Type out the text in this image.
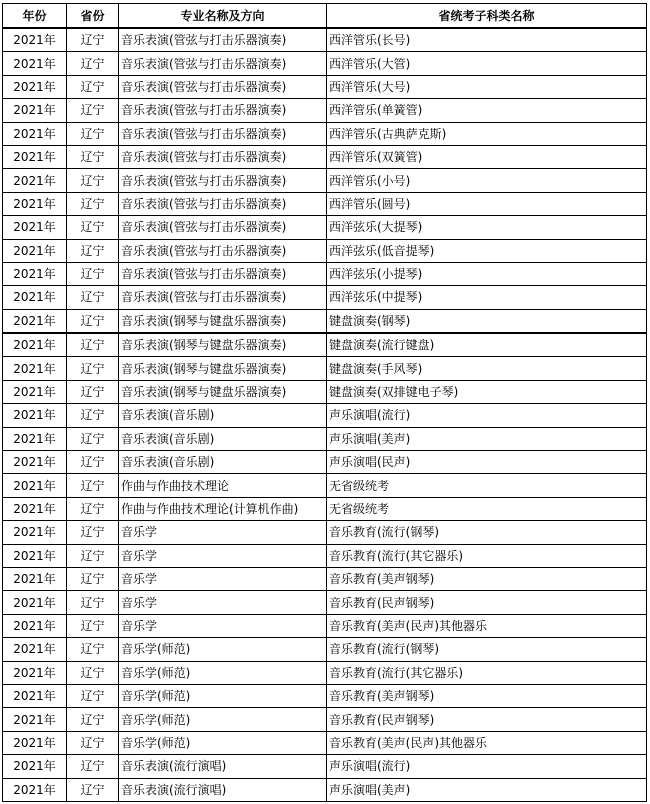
年份	省份	专业名称及方向	省统考子科类名称
2021年	辽宁	音乐表演(管弦与打击乐器演奏)	西洋管乐(长号)
2021年	辽宁	音乐表演(管弦与打击乐器演奏)	西洋管乐(大管)
2021年	辽宁	音乐表演(管弦与打击乐器演奏)	西洋管乐(大号)
2021年	辽宁	音乐表演(管弦与打击乐器演奏)	西洋管乐(单簧管)
2021年	辽宁	音乐表演(管弦与打击乐器演奏)	西洋管乐(古典萨克斯)
2021年	辽宁	音乐表演(管弦与打击乐器演奏)	西洋管乐(双簧管)
2021年	辽宁	音乐表演(管弦与打击乐器演奏)	西洋管乐(小号)
2021年	辽宁	音乐表演(管弦与打击乐器演奏)	西洋管乐(圆号)
2021年	辽宁	音乐表演(管弦与打击乐器演奏)	西洋弦乐(大提琴)
2021年	辽宁	音乐表演(管弦与打击乐器演奏)	西洋弦乐(低音提琴)
2021年	辽宁	音乐表演(管弦与打击乐器演奏)	西洋弦乐(小提琴)
2021年	辽宁	音乐表演(管弦与打击乐器演奏)	西洋弦乐(中提琴)
2021年	辽宁	音乐表演(钢琴与键盘乐器演奏)	键盘演奏(钢琴)
2021年	辽宁	音乐表演(钢琴与键盘乐器演奏)	键盘演奏(流行键盘)
2021年	辽宁	音乐表演(钢琴与键盘乐器演奏)	键盘演奏(手风琴)
2021年	辽宁	音乐表演(钢琴与键盘乐器演奏)	键盘演奏(双排键电子琴)
2021年	辽宁	音乐表演(音乐剧)	声乐演唱(流行)
2021年	辽宁	音乐表演(音乐剧)	声乐演唱(美声)
2021年	辽宁	音乐表演(音乐剧)	声乐演唱(民声)
2021年	辽宁	作曲与作曲技术理论	无省级统考
2021年	辽宁	作曲与作曲技术理论(计算机作曲)	无省级统考
2021年	辽宁	音乐学	音乐教育(流行(钢琴)
2021年	辽宁	音乐学	音乐教育(流行(其它器乐)
2021年	辽宁	音乐学	音乐教育(美声钢琴)
2021年	辽宁	音乐学	音乐教育(民声钢琴)
2021年	辽宁	音乐学	音乐教育(美声(民声)其他器乐
2021年	辽宁	音乐学(师范)	音乐教育(流行(钢琴)
2021年	辽宁	音乐学(师范)	音乐教育(流行(其它器乐)
2021年	辽宁	音乐学(师范)	音乐教育(美声钢琴)
2021年	辽宁	音乐学(师范)	音乐教育(民声钢琴)
2021年	辽宁	音乐学(师范)	音乐教育(美声(民声)其他器乐
2021年	辽宁	音乐表演(流行演唱)	声乐演唱(流行)
2021年	辽宁	音乐表演(流行演唱)	声乐演唱(美声)
